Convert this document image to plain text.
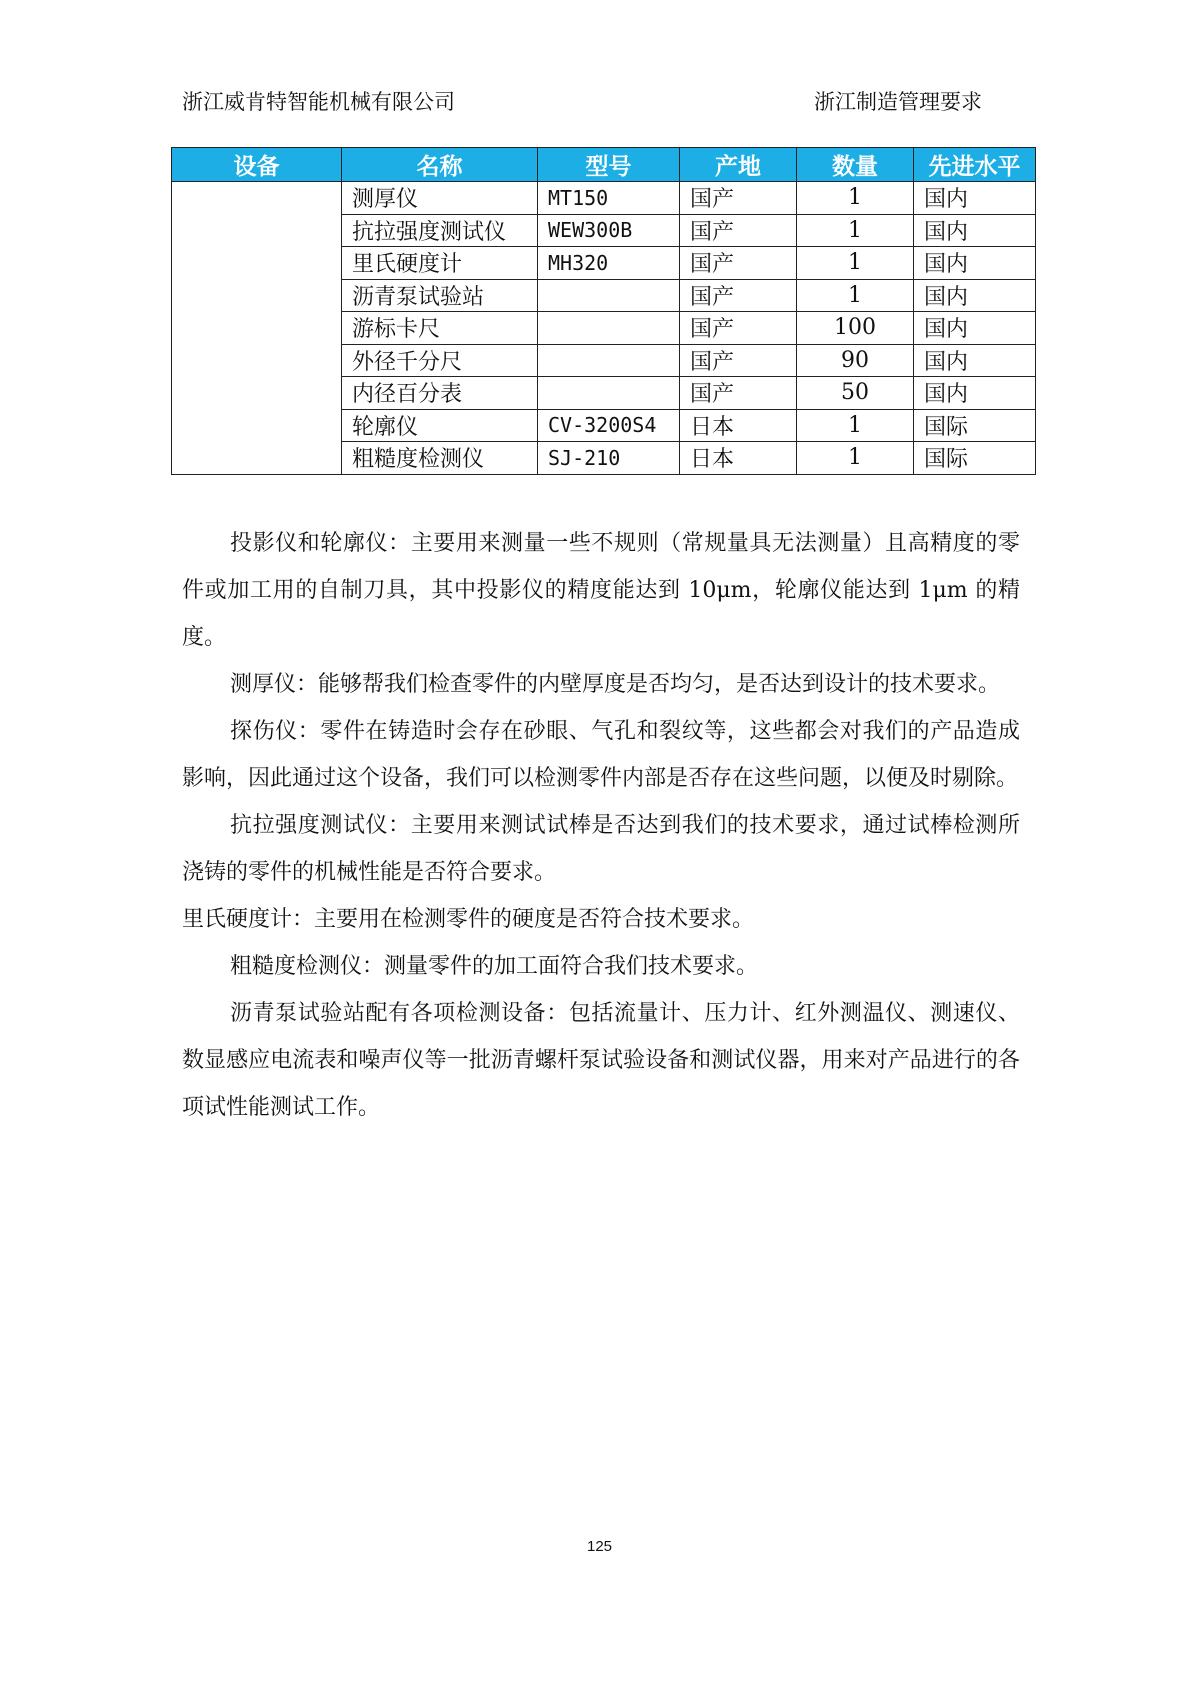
浙江威肯特智能机械有限公司	浙江制造管理要求
设备	名称	型号	产地	数量	先进水平
	测厚仪	MT150	国产	1	国内
	抗拉强度测试仪	WEW300B	国产	1	国内
	里氏硬度计	MH320	国产	1	国内
	沥青泵试验站		国产	1	国内
	游标卡尺		国产	100	国内
	外径千分尺		国产	90	国内
	内径百分表		国产	50	国内
	轮廓仪	CV-3200S4	日本	1	国际
	粗糙度检测仪	SJ-210	日本	1	国际

投影仪和轮廓仪：主要用来测量一些不规则（常规量具无法测量）且高精度的零件或加工用的自制刀具，其中投影仪的精度能达到 10μm，轮廓仪能达到 1μm 的精度。

测厚仪：能够帮我们检查零件的内壁厚度是否均匀，是否达到设计的技术要求。

探伤仪：零件在铸造时会存在砂眼、气孔和裂纹等，这些都会对我们的产品造成影响，因此通过这个设备，我们可以检测零件内部是否存在这些问题，以便及时剔除。

抗拉强度测试仪：主要用来测试试棒是否达到我们的技术要求，通过试棒检测所浇铸的零件的机械性能是否符合要求。

里氏硬度计：主要用在检测零件的硬度是否符合技术要求。

粗糙度检测仪：测量零件的加工面符合我们技术要求。

沥青泵试验站配有各项检测设备：包括流量计、压力计、红外测温仪、测速仪、数显感应电流表和噪声仪等一批沥青螺杆泵试验设备和测试仪器，用来对产品进行的各项试性能测试工作。

125
